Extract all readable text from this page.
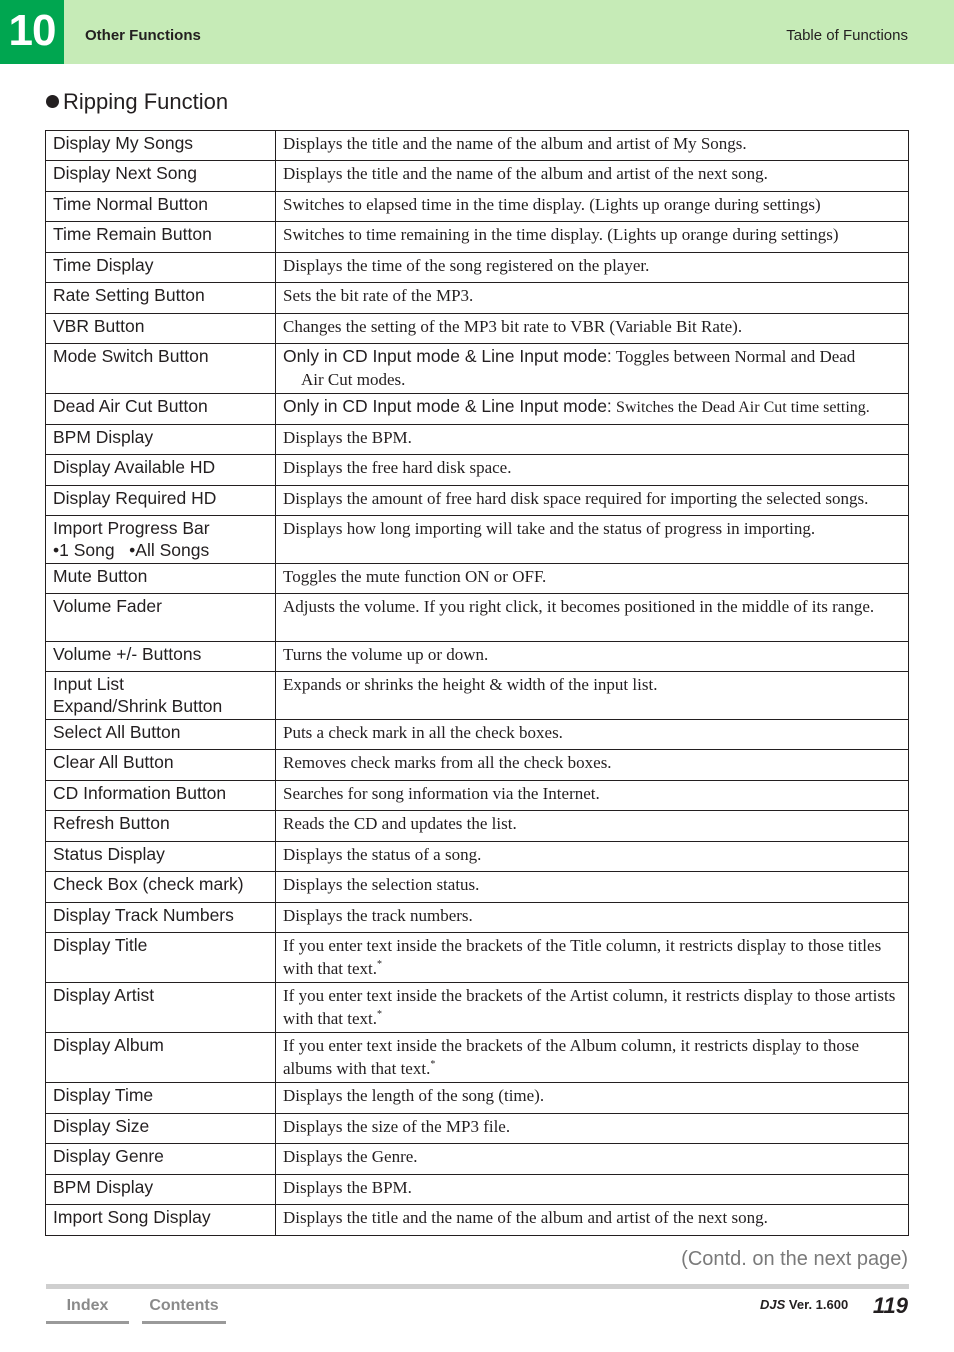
10	Other Functions	Table of Functions
Ripping Function
Display My Songs	Displays the title and the name of the album and artist of My Songs.
Display Next Song	Displays the title and the name of the album and artist of the next song.
Time Normal Button	Switches to elapsed time in the time display. (Lights up orange during settings)
Time Remain Button	Switches to time remaining in the time display. (Lights up orange during settings)
Time Display	Displays the time of the song registered on the player.
Rate Setting Button	Sets the bit rate of the MP3.
VBR Button	Changes the setting of the MP3 bit rate to VBR (Variable Bit Rate).
Mode Switch Button	Only in CD Input mode & Line Input mode: Toggles between Normal and Dead
Air Cut modes.

Dead Air Cut Button	Only in CD Input mode & Line Input mode: Switches the Dead Air Cut time setting.
BPM Display	Displays the BPM.
Display Available HD	Displays the free hard disk space.
Display Required HD	Displays the amount of free hard disk space required for importing the selected songs.

Import Progress Bar
•1 Song   •All Songs	Displays how long importing will take and the status of progress in importing.
Mute Button	Toggles the mute function ON or OFF.
Volume Fader	Adjusts the volume. If you right click, it becomes positioned in the middle of its range.
Volume +/- Buttons	Turns the volume up or down.

Input List
Expand/Shrink Button	Expands or shrinks the height & width of the input list.
Select All Button	Puts a check mark in all the check boxes.
Clear All Button	Removes check marks from all the check boxes.
CD Information Button	Searches for song information via the Internet.
Refresh Button	Reads the CD and updates the list.
Status Display	Displays the status of a song.
Check Box (check mark)	Displays the selection status.
Display Track Numbers	Displays the track numbers.
Display Title	If you enter text inside the brackets of the Title column, it restricts display to those titles with that text.*
Display Artist	If you enter text inside the brackets of the Artist column, it restricts display to those artists with that text.*
Display Album	If you enter text inside the brackets of the Album column, it restricts display to those albums with that text.*
Display Time	Displays the length of the song (time).
Display Size	Displays the size of the MP3 file.
Display Genre	Displays the Genre.
BPM Display	Displays the BPM.
Import Song Display	Displays the title and the name of the album and artist of the next song.
(Contd. on the next page)
Index	Contents	DJS Ver. 1.600 119
